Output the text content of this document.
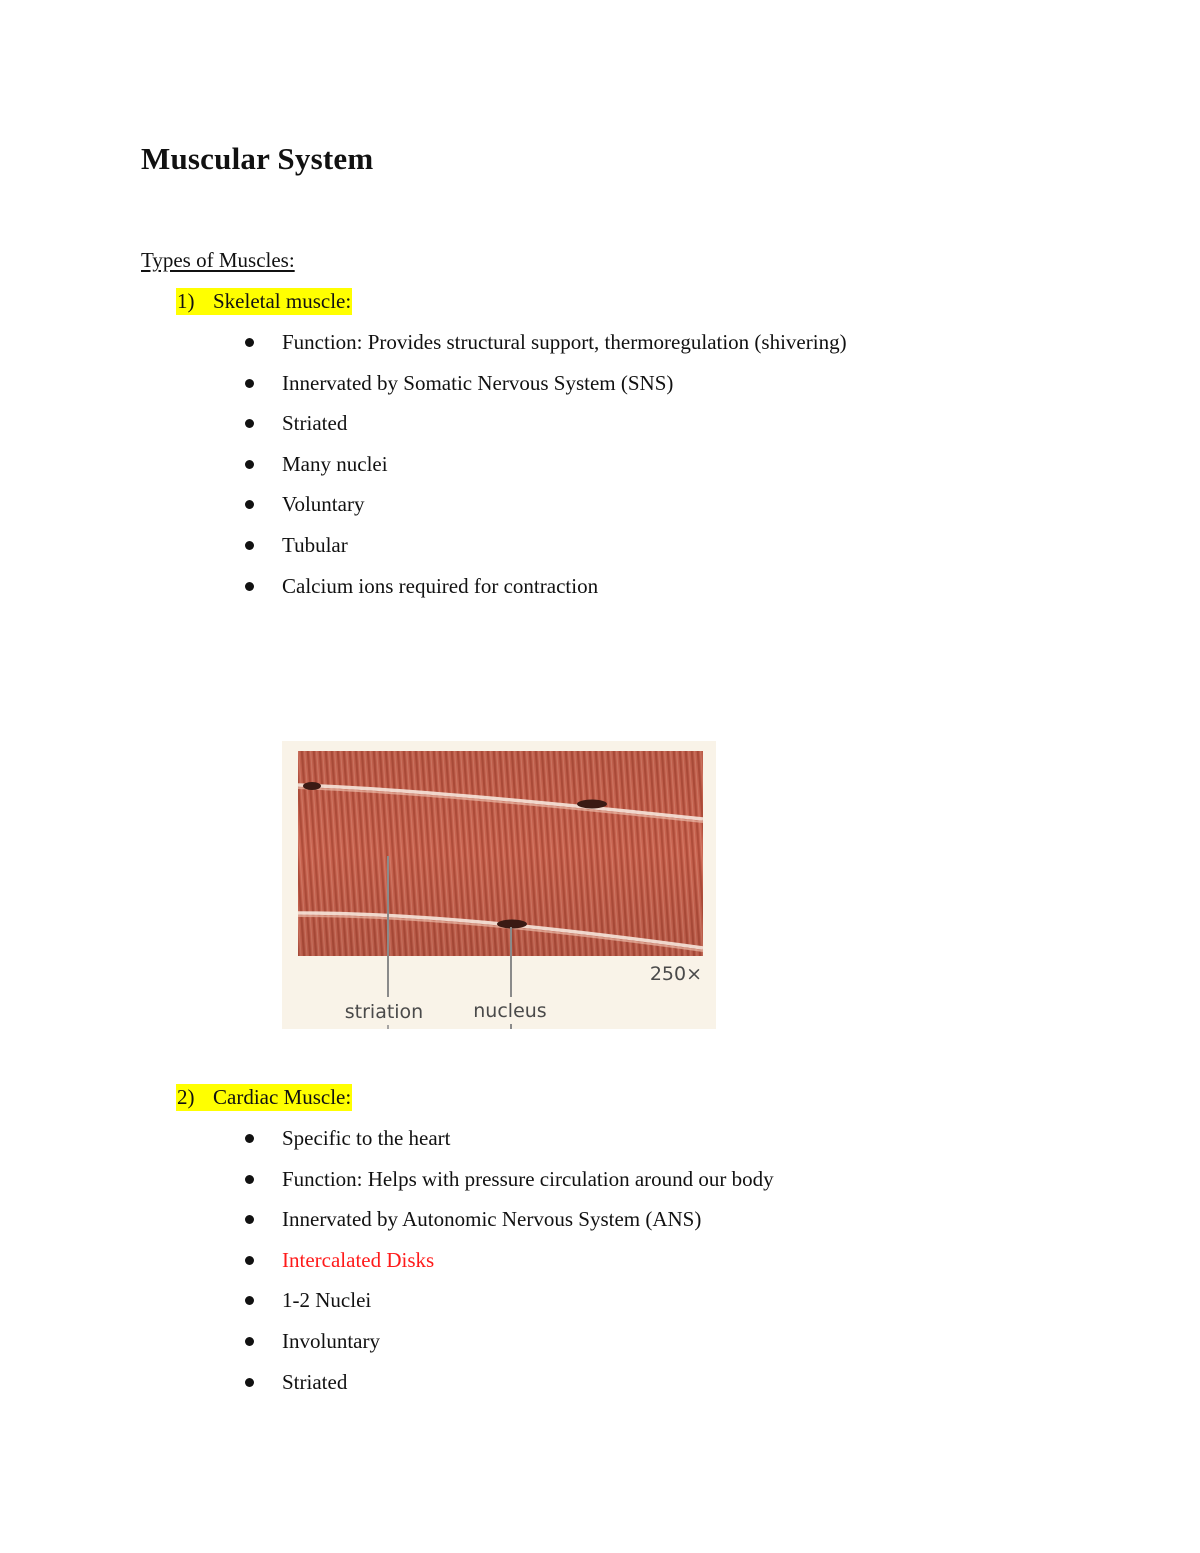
Muscular System
Types of Muscles:
1) Skeletal muscle:
Function: Provides structural support, thermoregulation (shivering)
Innervated by Somatic Nervous System (SNS)
Striated
Many nuclei
Voluntary
Tubular
Calcium ions required for contraction
250×
striation	nucleus
2) Cardiac Muscle:
Specific to the heart
Function: Helps with pressure circulation around our body
Innervated by Autonomic Nervous System (ANS)
Intercalated Disks
1-2 Nuclei
Involuntary
Striated
